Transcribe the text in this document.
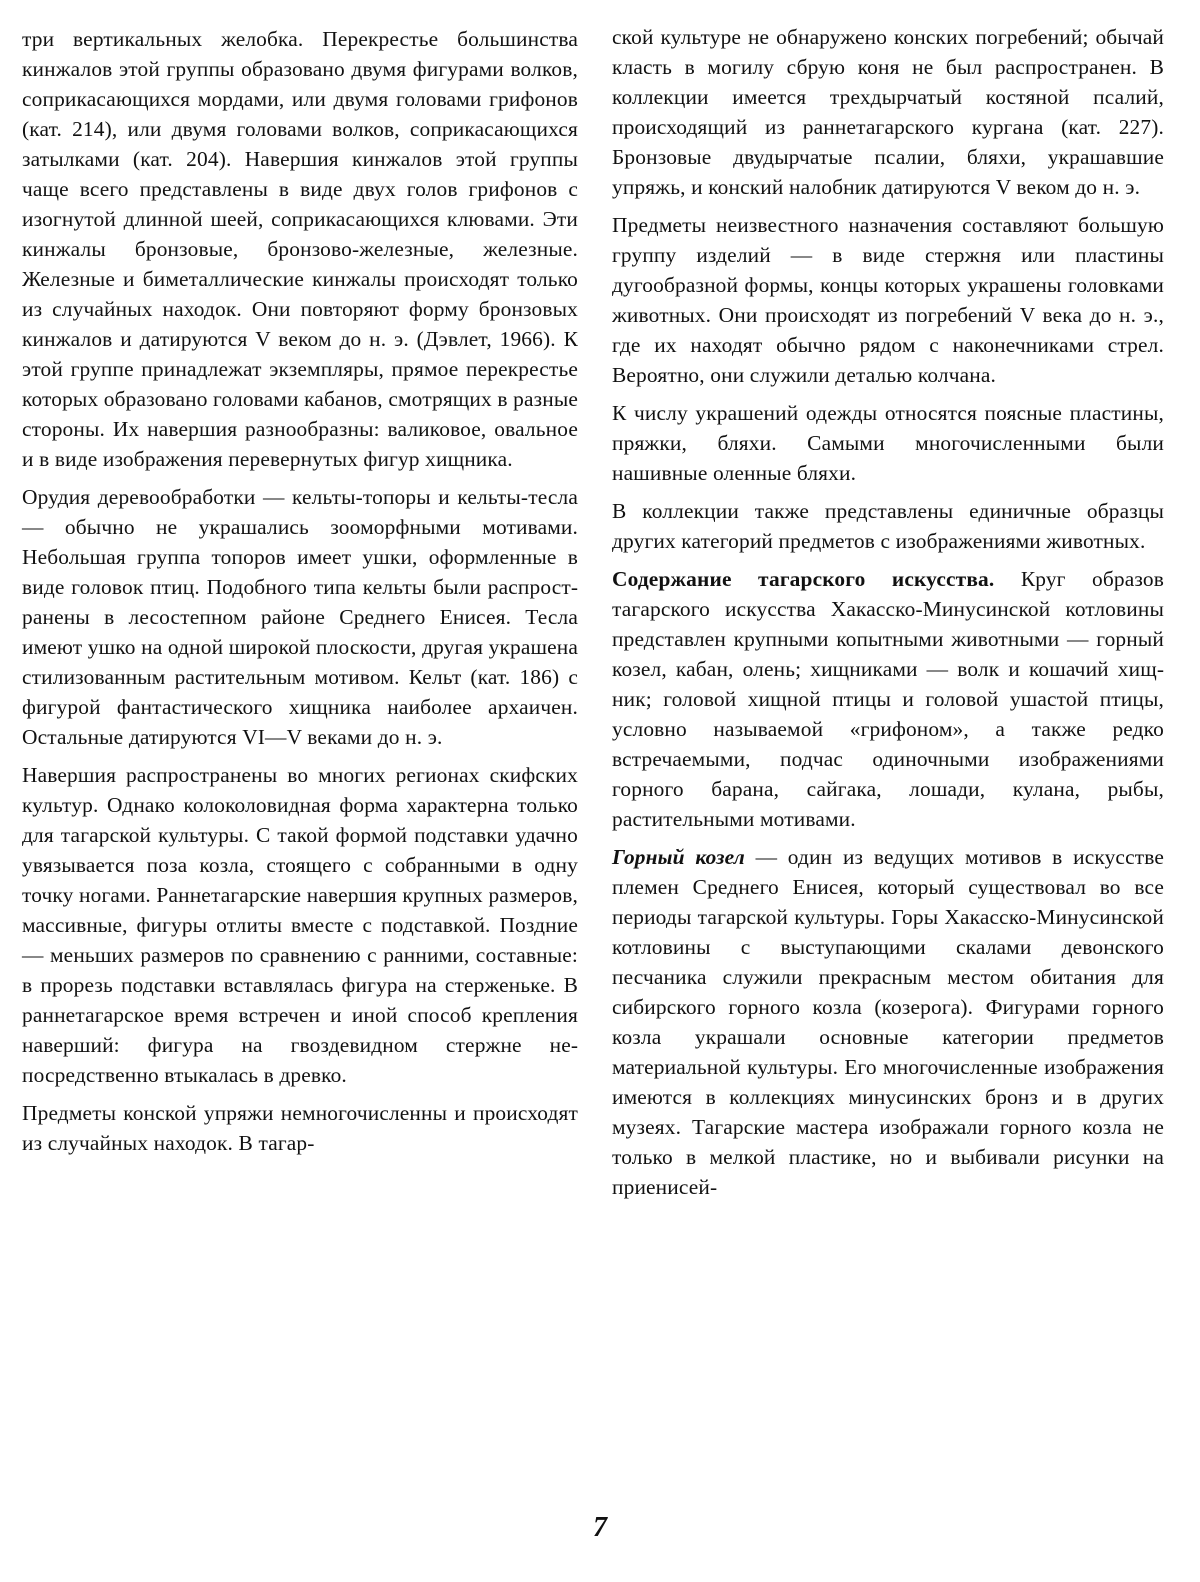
три вертикальных желобка. Перекрестье большинства кинжалов этой группы образовано двумя фигурами волков, соприкасающихся мордами, или двумя головами грифонов (кат. 214), или двумя головами волков, соприкасающихся затылками (кат. 204). Навершия кинжалов этой группы чаще всего представлены в виде двух голов грифонов с изогнутой длинной шеей, соприкасающихся клювами. Эти кинжалы бронзовые, бронзово-железные, железные. Железные и биметаллические кинжалы происходят только из случайных находок. Они повторяют форму бронзовых кинжалов и датируются V веком до н. э. (Дэвлет, 1966). К этой группе принадлежат экземпляры, прямое перекрестье которых образовано головами кабанов, смотрящих в разные стороны. Их навершия разнообразны: валиковое, овальное и в виде изображения перевернутых фигур хищника.

Орудия деревообработки — кельты-топоры и кельты-тесла — обычно не украшались зооморфными мотивами. Небольшая группа топоров имеет ушки, оформленные в виде головок птиц. Подобного типа кельты были распространены в лесостепном районе Среднего Енисея. Тесла имеют ушко на одной широкой плоскости, другая украшена стилизованным растительным мотивом. Кельт (кат. 186) с фигурой фантастического хищника наиболее архаичен. Остальные датируются VI—V веками до н. э.

Навершия распространены во многих регионах скифских культур. Однако колоколовидная форма характерна только для тагарской культуры. С такой формой подставки удачно увязывается поза козла, стоящего с собранными в одну точку ногами. Раннетагарские навершия крупных размеров, массивные, фигуры отлиты вместе с подставкой. Поздние — меньших размеров по сравнению с ранними, составные: в прорезь подставки вставлялась фигура на стерженьке. В раннетагарское время встречен и иной способ крепления наверший: фигура на гвоздевидном стержне непосредственно втыкалась в древко.

Предметы конской упряжи немногочисленны и происходят из случайных находок. В тагар-

ской культуре не обнаружено конских погребений; обычай класть в могилу сбрую коня не был распространен. В коллекции имеется трехдырчатый костяной псалий, происходящий из раннетагарского кургана (кат. 227). Бронзовые двудырчатые псалии, бляхи, украшавшие упряжь, и конский налобник датируются V веком до н. э.

Предметы неизвестного назначения составляют большую группу изделий — в виде стержня или пластины дугообразной формы, концы которых украшены головками животных. Они происходят из погребений V века до н. э., где их находят обычно рядом с наконечниками стрел. Вероятно, они служили деталью колчана.

К числу украшений одежды относятся поясные пластины, пряжки, бляхи. Самыми многочисленными были нашивные оленные бляхи.

В коллекции также представлены единичные образцы других категорий предметов с изображениями животных.

Содержание тагарского искусства. Круг образов тагарского искусства Хакасско-Минусинской котловины представлен крупными копытными животными — горный козел, кабан, олень; хищниками — волк и кошачий хищник; головой хищной птицы и головой ушастой птицы, условно называемой «грифоном», а также редко встречаемыми, подчас одиночными изображениями горного барана, сайгака, лошади, кулана, рыбы, растительными мотивами.

Горный козел — один из ведущих мотивов в искусстве племен Среднего Енисея, который существовал во все периоды тагарской культуры. Горы Хакасско-Минусинской котловины с выступающими скалами девонского песчаника служили прекрасным местом обитания для сибирского горного козла (козерога). Фигурами горного козла украшали основные категории предметов материальной культуры. Его многочисленные изображения имеются в коллекциях минусинских бронз и в других музеях. Тагарские мастера изображали горного козла не только в мелкой пластике, но и выбивали рисунки на приенисей-

7
